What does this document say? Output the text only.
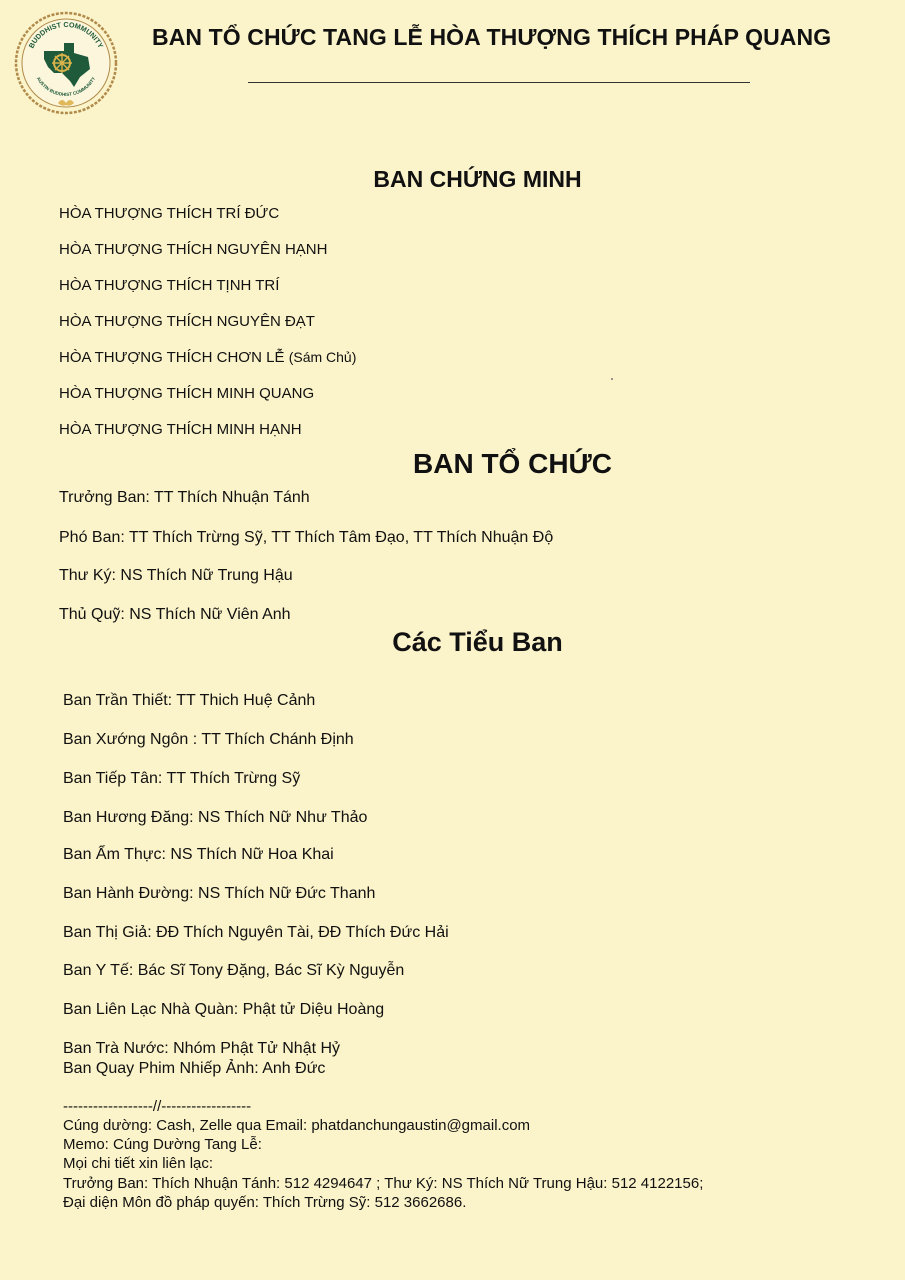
BUDDHIST COMMUNITY
AUSTIN BUDDHIST COMMUNITY
BAN TỔ CHỨC TANG LỄ HÒA THƯỢNG THÍCH PHÁP QUANG
BAN CHỨNG MINH
HÒA THƯỢNG THÍCH TRÍ ĐỨC
HÒA THƯỢNG THÍCH NGUYÊN HẠNH
HÒA THƯỢNG THÍCH TỊNH TRÍ
HÒA THƯỢNG THÍCH NGUYÊN ĐẠT
HÒA THƯỢNG THÍCH CHƠN LỄ (Sám Chủ)
HÒA THƯỢNG THÍCH MINH QUANG
HÒA THƯỢNG THÍCH MINH HẠNH
BAN TỔ CHỨC
Trưởng Ban: TT Thích Nhuận Tánh
Phó Ban: TT Thích Trừng Sỹ, TT Thích Tâm Đạo, TT Thích Nhuận Độ
Thư Ký: NS Thích Nữ Trung Hậu
Thủ Quỹ: NS Thích Nữ Viên Anh
Các Tiểu Ban
Ban Trần Thiết: TT Thich Huệ Cảnh
Ban Xướng Ngôn : TT Thích Chánh Định
Ban Tiếp Tân: TT Thích Trừng Sỹ
Ban Hương Đăng: NS Thích Nữ Như Thảo
Ban Ẩm Thực: NS Thích Nữ Hoa Khai
Ban Hành Đường: NS Thích Nữ Đức Thanh
Ban Thị Giả: ĐĐ Thích Nguyên Tài, ĐĐ Thích Đức Hải
Ban Y Tế: Bác Sĩ Tony Đặng, Bác Sĩ Kỳ Nguyễn
Ban Liên Lạc Nhà Quàn: Phật tử Diệu Hoàng
Ban Trà Nước: Nhóm Phật Tử Nhật Hỷ
Ban Quay Phim Nhiếp Ảnh: Anh Đức
------------------//------------------
Cúng dường: Cash, Zelle qua Email: phatdanchungaustin@gmail.com
Memo: Cúng Dường Tang Lễ:
Mọi chi tiết xin liên lạc:
Trưởng Ban: Thích Nhuận Tánh: 512 4294647 ; Thư Ký: NS Thích Nữ Trung Hậu: 512 4122156;
Đại diện Môn đồ pháp quyến: Thích Trừng Sỹ: 512 3662686.
